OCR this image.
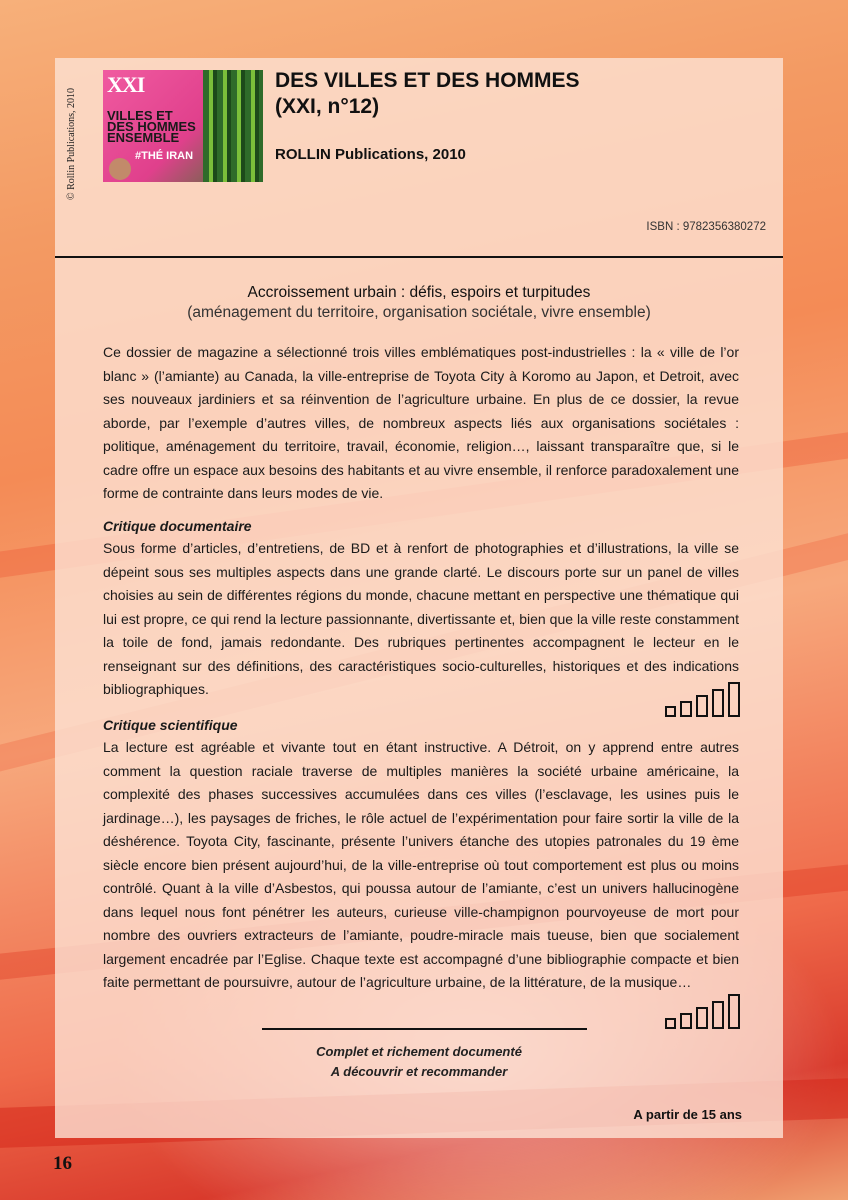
XXI
VILLES ET DES HOMMES ENSEMBLE
#THÉ IRAN
DES VILLES ET DES HOMMES
(XXI, n°12)
ROLLIN Publications, 2010
ISBN : 9782356380272
Accroissement urbain : défis, espoirs et turpitudes
(aménagement du territoire, organisation sociétale, vivre ensemble)
Ce dossier de magazine a sélectionné trois villes emblématiques post-industrielles : la « ville de l’or blanc » (l’amiante) au Canada, la ville-entreprise de Toyota City à Koromo au Japon, et Detroit, avec ses nouveaux jardiniers et sa réinvention de l’agriculture urbaine. En plus de ce dossier, la revue aborde, par l’exemple d’autres villes, de nombreux aspects liés aux organisations sociétales : politique, aménagement du territoire, travail, économie, religion…, laissant transparaître que, si le cadre offre un espace aux besoins des habitants et au vivre ensemble, il renforce paradoxalement une forme de contrainte dans leurs modes de vie.
Critique documentaire
Sous forme d’articles, d’entretiens, de BD et à renfort de photographies et d’illustrations, la ville se dépeint sous ses multiples aspects dans une grande clarté. Le discours porte sur un panel de villes choisies au sein de différentes régions du monde, chacune mettant en perspective une thématique qui lui est propre, ce qui rend la lecture passionnante, divertissante et, bien que la ville reste constamment la toile de fond, jamais redondante. Des rubriques pertinentes accompagnent le lecteur en le renseignant sur des définitions, des caractéristiques socio-culturelles, historiques et des indications bibliographiques.
Critique scientifique
La lecture est agréable et vivante tout en étant instructive. A Détroit, on y apprend entre autres comment la question raciale traverse de multiples manières la société urbaine américaine, la complexité des phases successives accumulées dans ces villes (l’esclavage, les usines puis le jardinage…), les paysages de friches, le rôle actuel de l’expérimentation pour faire sortir la ville de la déshérence. Toyota City, fascinante, présente l’univers étanche des utopies patronales du 19 ème siècle encore bien présent aujourd’hui, de la ville-entreprise où tout comportement est plus ou moins contrôlé. Quant à la ville d’Asbestos, qui poussa autour de l’amiante, c’est un univers hallucinogène dans lequel nous font pénétrer les auteurs, curieuse ville-champignon pourvoyeuse de mort pour nombre des ouvriers extracteurs de l’amiante, poudre-miracle mais tueuse, bien que socialement largement encadrée par l’Eglise. Chaque texte est accompagné d’une bibliographie compacte et bien faite permettant de poursuivre, autour de l’agriculture urbaine, de la littérature, de la musique…
Complet et richement documenté
A découvrir et recommander
A partir de 15 ans
16
